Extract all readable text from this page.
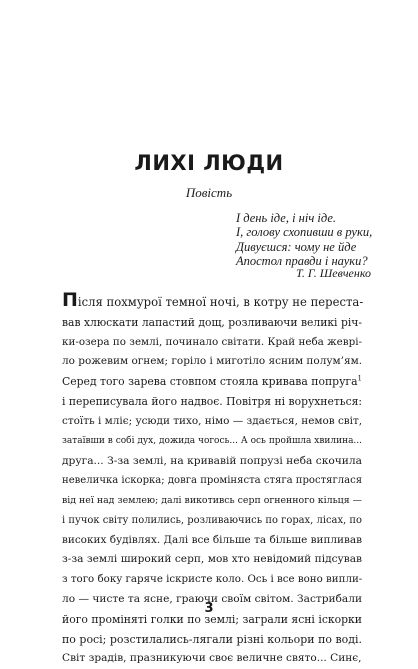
ЛИХІ ЛЮДИ

Повість

І день іде, і ніч іде.
І, голову схопивши в руки,
Дивуєшся: чому не йде
Апостол правди і науки?
Т. Г. Шевченко
Після похмурої темної ночі, в котру не переста-
вав хлюскати лапастий дощ, розливаючи великі річ-
ки-озера по землі, починало світати. Край неба жеврі-
ло рожевим огнем; горіло і миготіло ясним полум’ям.
Серед того зарева стовпом стояла кривава попруга$^1$
і переписувала його надвоє. Повітря ні ворухнеться:
стоїть і мліє; усюди тихо, німо — здається, немов світ,
затаївши в собі дух, дожида чогось... А ось пройшла хвилина...
друга... З-за землі, на кривавій попрузі неба скочила
невеличка іскорка; довга проміняста стяга простяглася
від неї над землею; далі викотивсь серп огненного кільця —
і пучок світу полились, розливаючись по горах, лісах, по
високих будівлях. Далі все більше та більше випливав
з-за землі широкий серп, мов хто невідомий підсував
з того боку гаряче іскристе коло. Ось і все воно випли-
ло — чисте та ясне, граючи своїм світом. Застрибали
його проміняті голки по землі; заграли ясні іскорки
по росі; розстилались-лягали різні кольори по воді.
Світ зрадів, празникуючи своє величне свято... Синє,
3
